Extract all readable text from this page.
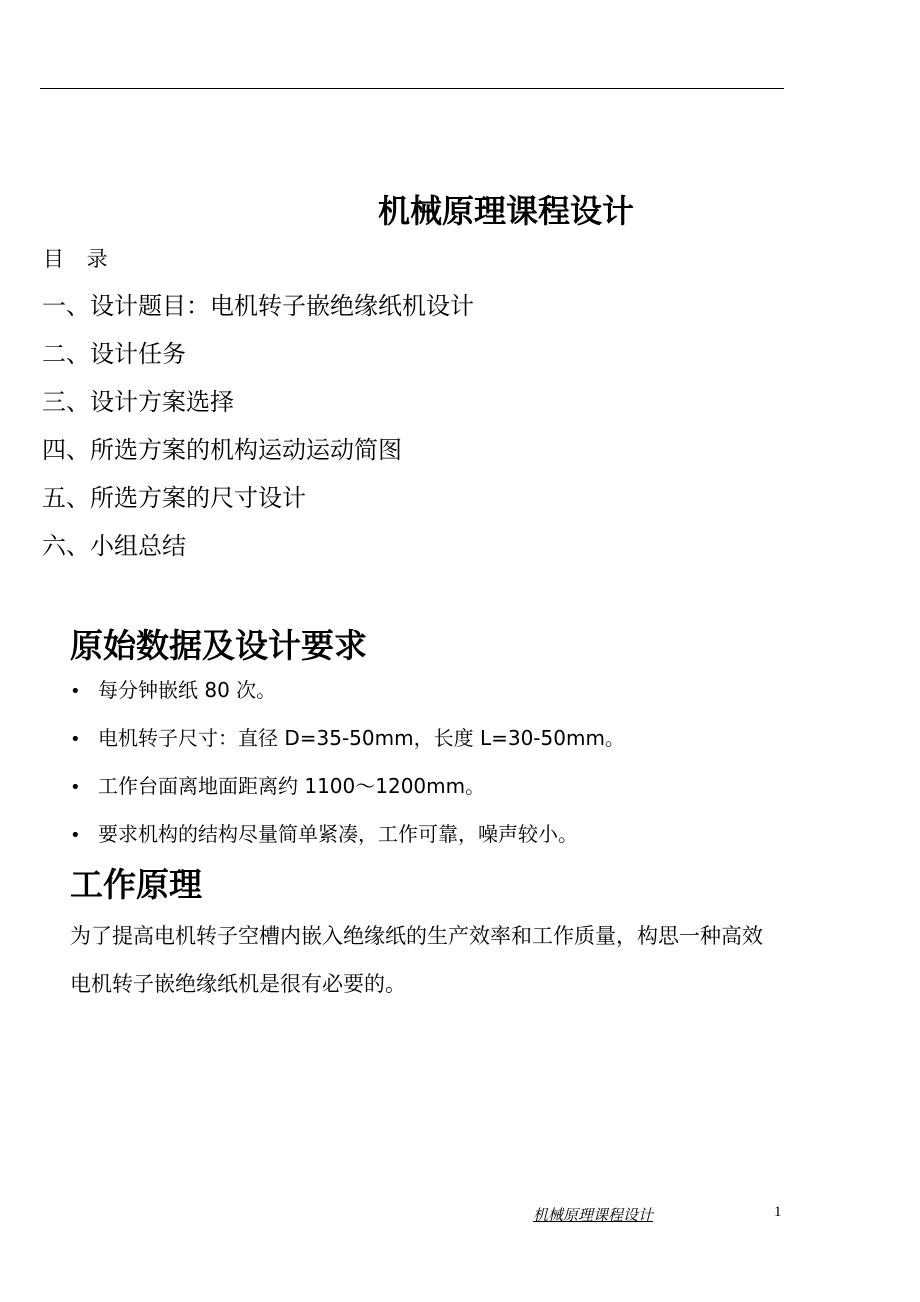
机械原理课程设计
目 录
一、设计题目：电机转子嵌绝缘纸机设计
二、设计任务
三、设计方案选择
四、所选方案的机构运动运动简图
五、所选方案的尺寸设计
六、小组总结
原始数据及设计要求
• 每分钟嵌纸 80 次。
• 电机转子尺寸：直径 D=35-50mm，长度 L=30-50mm。
• 工作台面离地面距离约 1100～1200mm。
• 要求机构的结构尽量简单紧凑，工作可靠，噪声较小。
工作原理

为了提高电机转子空槽内嵌入绝缘纸的生产效率和工作质量，构思一种高效

电机转子嵌绝缘纸机是很有必要的。

机械原理课程设计	1
